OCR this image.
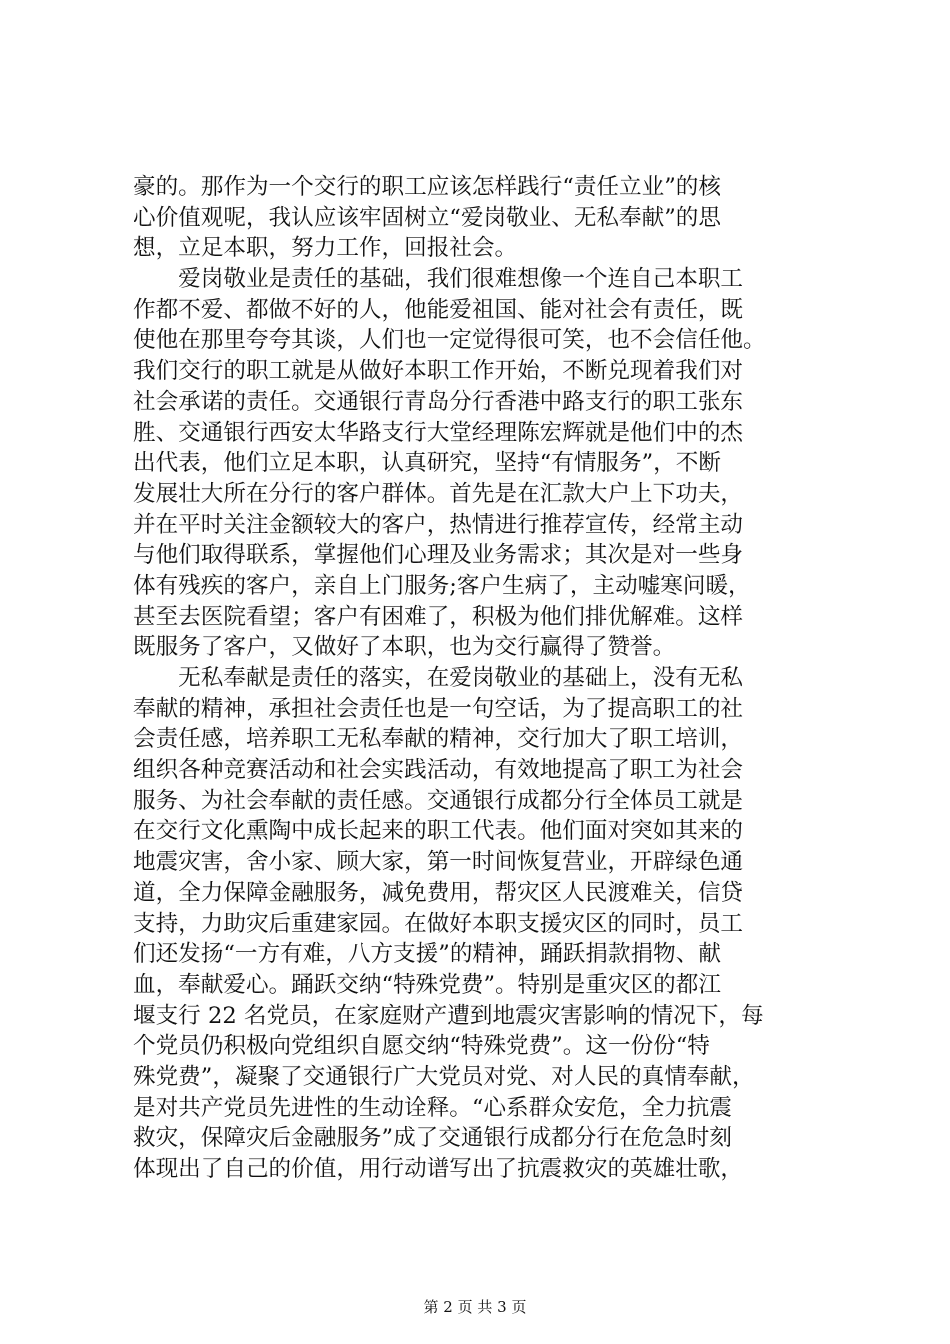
豪的。那作为一个交行的职工应该怎样践行“责任立业”的核
心价值观呢，我认应该牢固树立“爱岗敬业、无私奉献”的思
想，立足本职，努力工作，回报社会。
　　爱岗敬业是责任的基础，我们很难想像一个连自己本职工
作都不爱、都做不好的人，他能爱祖国、能对社会有责任，既
使他在那里夸夸其谈，人们也一定觉得很可笑，也不会信任他。
我们交行的职工就是从做好本职工作开始，不断兑现着我们对
社会承诺的责任。交通银行青岛分行香港中路支行的职工张东
胜、交通银行西安太华路支行大堂经理陈宏辉就是他们中的杰
出代表，他们立足本职，认真研究，坚持“有情服务”，不断
发展壮大所在分行的客户群体。首先是在汇款大户上下功夫，
并在平时关注金额较大的客户，热情进行推荐宣传，经常主动
与他们取得联系，掌握他们心理及业务需求；其次是对一些身
体有残疾的客户，亲自上门服务;客户生病了，主动嘘寒问暖，
甚至去医院看望；客户有困难了，积极为他们排优解难。这样
既服务了客户，又做好了本职，也为交行赢得了赞誉。
　　无私奉献是责任的落实，在爱岗敬业的基础上，没有无私
奉献的精神，承担社会责任也是一句空话，为了提高职工的社
会责任感，培养职工无私奉献的精神，交行加大了职工培训，
组织各种竞赛活动和社会实践活动，有效地提高了职工为社会
服务、为社会奉献的责任感。交通银行成都分行全体员工就是
在交行文化熏陶中成长起来的职工代表。他们面对突如其来的
地震灾害，舍小家、顾大家，第一时间恢复营业，开辟绿色通
道，全力保障金融服务，减免费用，帮灾区人民渡难关，信贷
支持，力助灾后重建家园。在做好本职支援灾区的同时，员工
们还发扬“一方有难，八方支援”的精神，踊跃捐款捐物、献
血，奉献爱心。踊跃交纳“特殊党费”。特别是重灾区的都江
堰支行 22 名党员，在家庭财产遭到地震灾害影响的情况下，每
个党员仍积极向党组织自愿交纳“特殊党费”。这一份份“特
殊党费”，凝聚了交通银行广大党员对党、对人民的真情奉献，
是对共产党员先进性的生动诠释。“心系群众安危，全力抗震
救灾，保障灾后金融服务”成了交通银行成都分行在危急时刻
体现出了自己的价值，用行动谱写出了抗震救灾的英雄壮歌，
第 2 页 共 3 页
